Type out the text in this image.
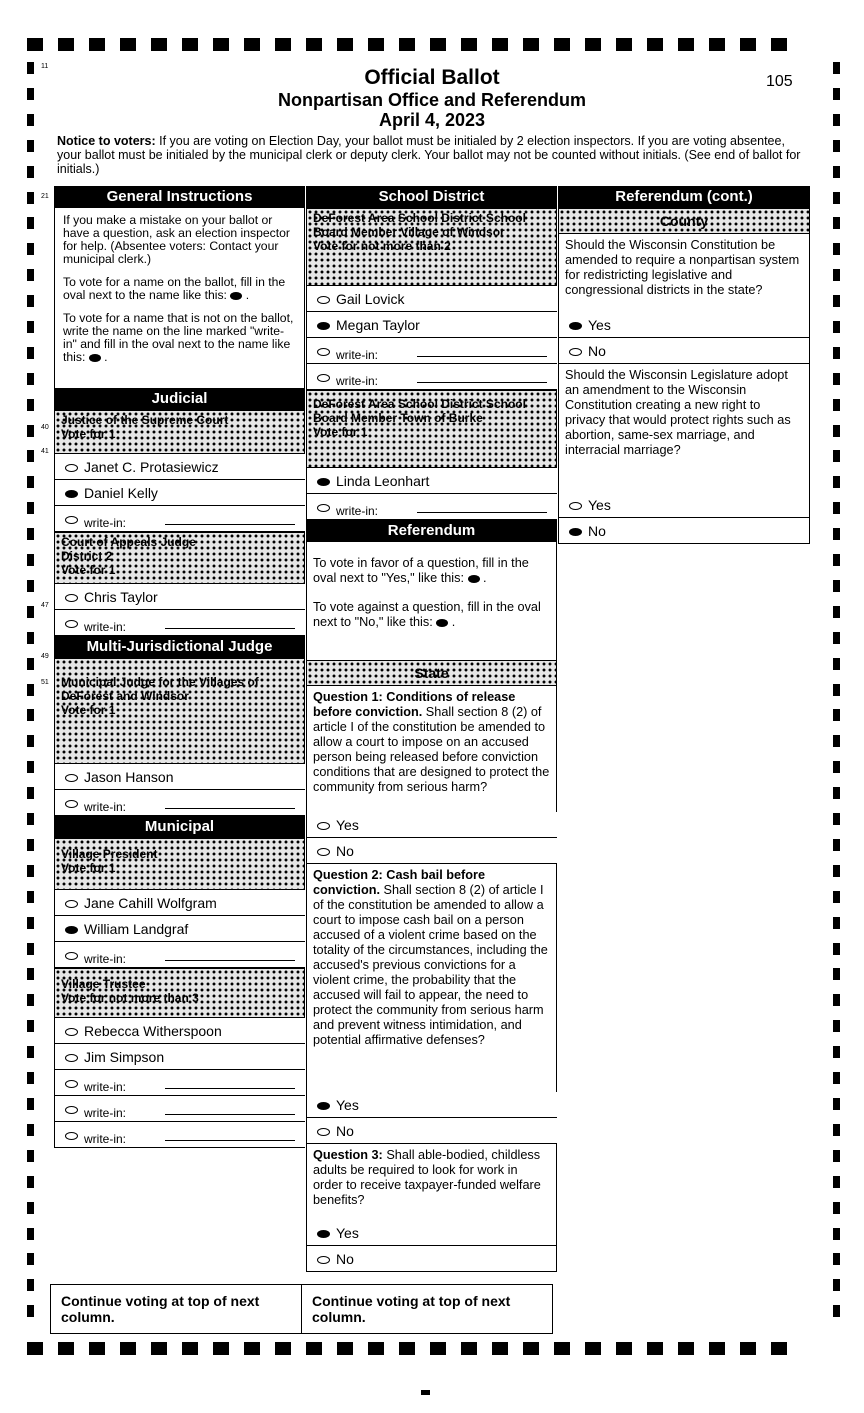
11
21
40
41
47
49
51
Official Ballot
Nonpartisan Office and Referendum
April 4, 2023
105
Notice to voters: If you are voting on Election Day, your ballot must be initialed by 2 election inspectors. If you are voting absentee, your ballot must be initialed by the municipal clerk or deputy clerk. Your ballot may not be counted without initials. (See end of ballot for initials.)
General Instructions

If you make a mistake on your ballot or have a question, ask an election inspector for help. (Absentee voters: Contact your municipal clerk.)

To vote for a name on the ballot, fill in the oval next to the name like this:  .

To vote for a name that is not on the ballot, write the name on the line marked "write-in" and fill in the oval next to the name like this:  .

Judicial
Justice of the Supreme Court
Vote for 1
Janet C. Protasiewicz
Daniel Kelly
write-in:
Court of Appeals Judge
District 2
Vote for 1
Chris Taylor
write-in:
Multi-Jurisdictional Judge
Municipal Judge for the Villages of DeForest and Windsor
Vote for 1
Jason Hanson
write-in:
Municipal
Village President
Vote for 1
Jane Cahill Wolfgram
William Landgraf
write-in:
Village Trustee
Vote for not more than 3
Rebecca Witherspoon
Jim Simpson
write-in:
write-in:
write-in:
Continue voting at top of next column.
School District
DeForest Area School District School Board Member Village of Windsor
Vote for not more than 2
Gail Lovick
Megan Taylor
write-in:
write-in:
DeForest Area School District School Board Member Town of Burke
Vote for 1
Linda Leonhart
write-in:
Referendum

To vote in favor of a question, fill in the oval next to "Yes," like this:  .

To vote against a question, fill in the oval next to "No," like this:  .

State
Question 1: Conditions of release before conviction. Shall section 8 (2) of article I of the constitution be amended to allow a court to impose on an accused person being released before conviction conditions that are designed to protect the community from serious harm?
Yes
No
Question 2: Cash bail before conviction. Shall section 8 (2) of article I of the constitution be amended to allow a court to impose cash bail on a person accused of a violent crime based on the totality of the circumstances, including the accused's previous convictions for a violent crime, the probability that the accused will fail to appear, the need to protect the community from serious harm and prevent witness intimidation, and potential affirmative defenses?
Yes
No
Question 3: Shall able-bodied, childless adults be required to look for work in order to receive taxpayer-funded welfare benefits?
Yes
No
Continue voting at top of next column.
Referendum (cont.)
County
Should the Wisconsin Constitution be amended to require a nonpartisan system for redistricting legislative and congressional districts in the state?
Yes
No
Should the Wisconsin Legislature adopt an amendment to the Wisconsin Constitution creating a new right to privacy that would protect rights such as abortion, same-sex marriage, and interracial marriage?
Yes
No
